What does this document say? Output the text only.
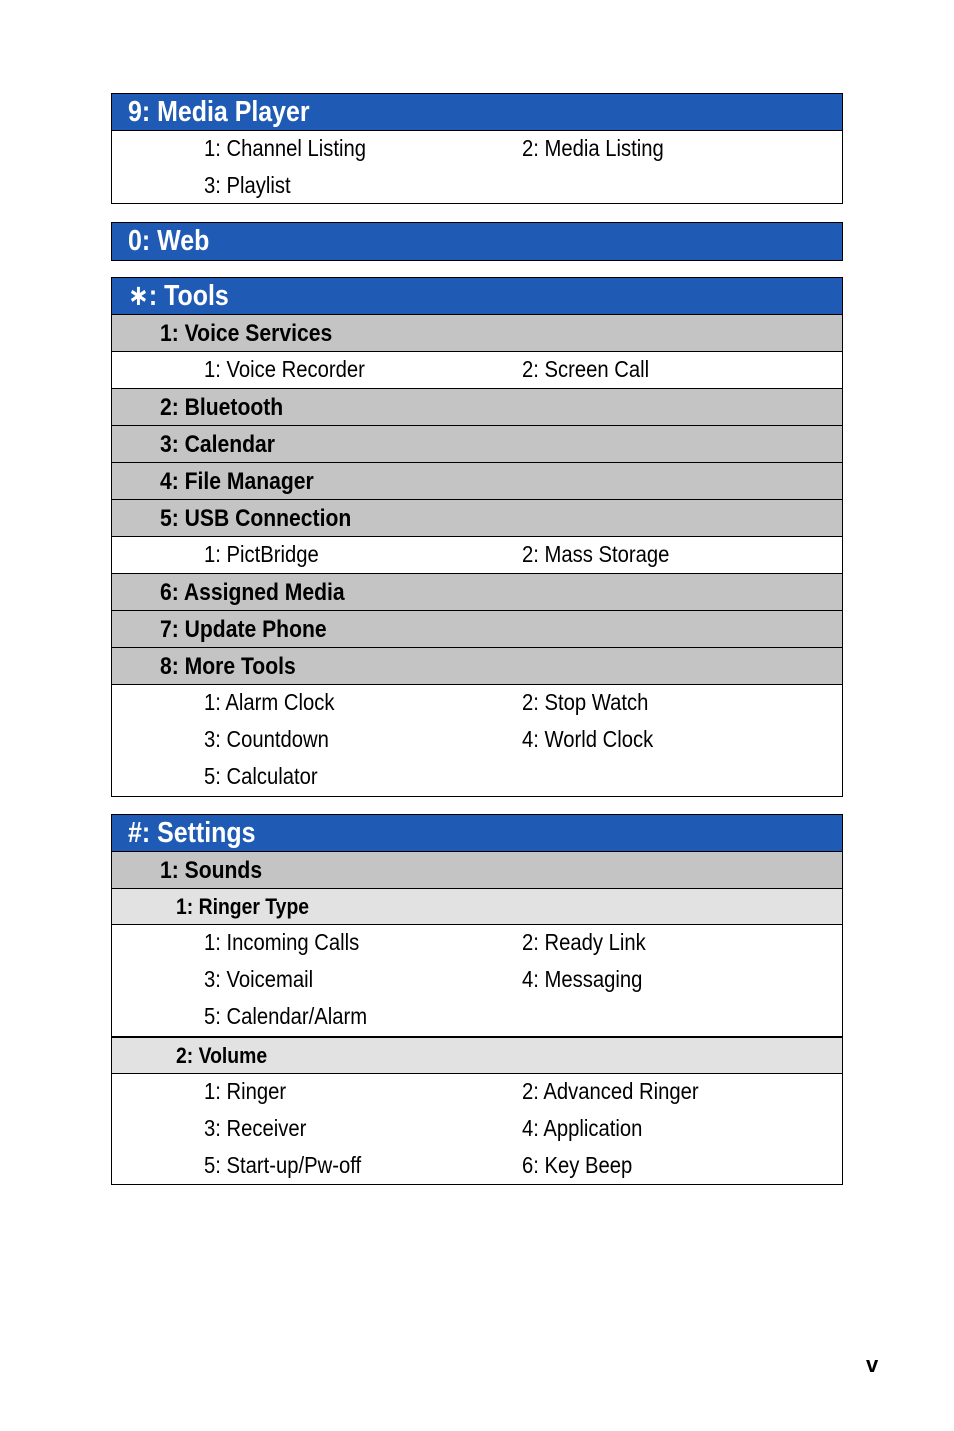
9: Media Player
1: Channel Listing	2: Media Listing
3: Playlist
0: Web
∗: Tools
1: Voice Services
1: Voice Recorder	2: Screen Call
2: Bluetooth
3: Calendar
4: File Manager
5: USB Connection
1: PictBridge	2: Mass Storage
6: Assigned Media
7: Update Phone
8: More Tools
1: Alarm Clock	2: Stop Watch
3: Countdown	4: World Clock
5: Calculator
#: Settings
1: Sounds
1: Ringer Type
1: Incoming Calls	2: Ready Link
3: Voicemail	4: Messaging
5: Calendar/Alarm
2: Volume
1: Ringer	2: Advanced Ringer
3: Receiver	4: Application
5: Start-up/Pw-off	6: Key Beep
v
